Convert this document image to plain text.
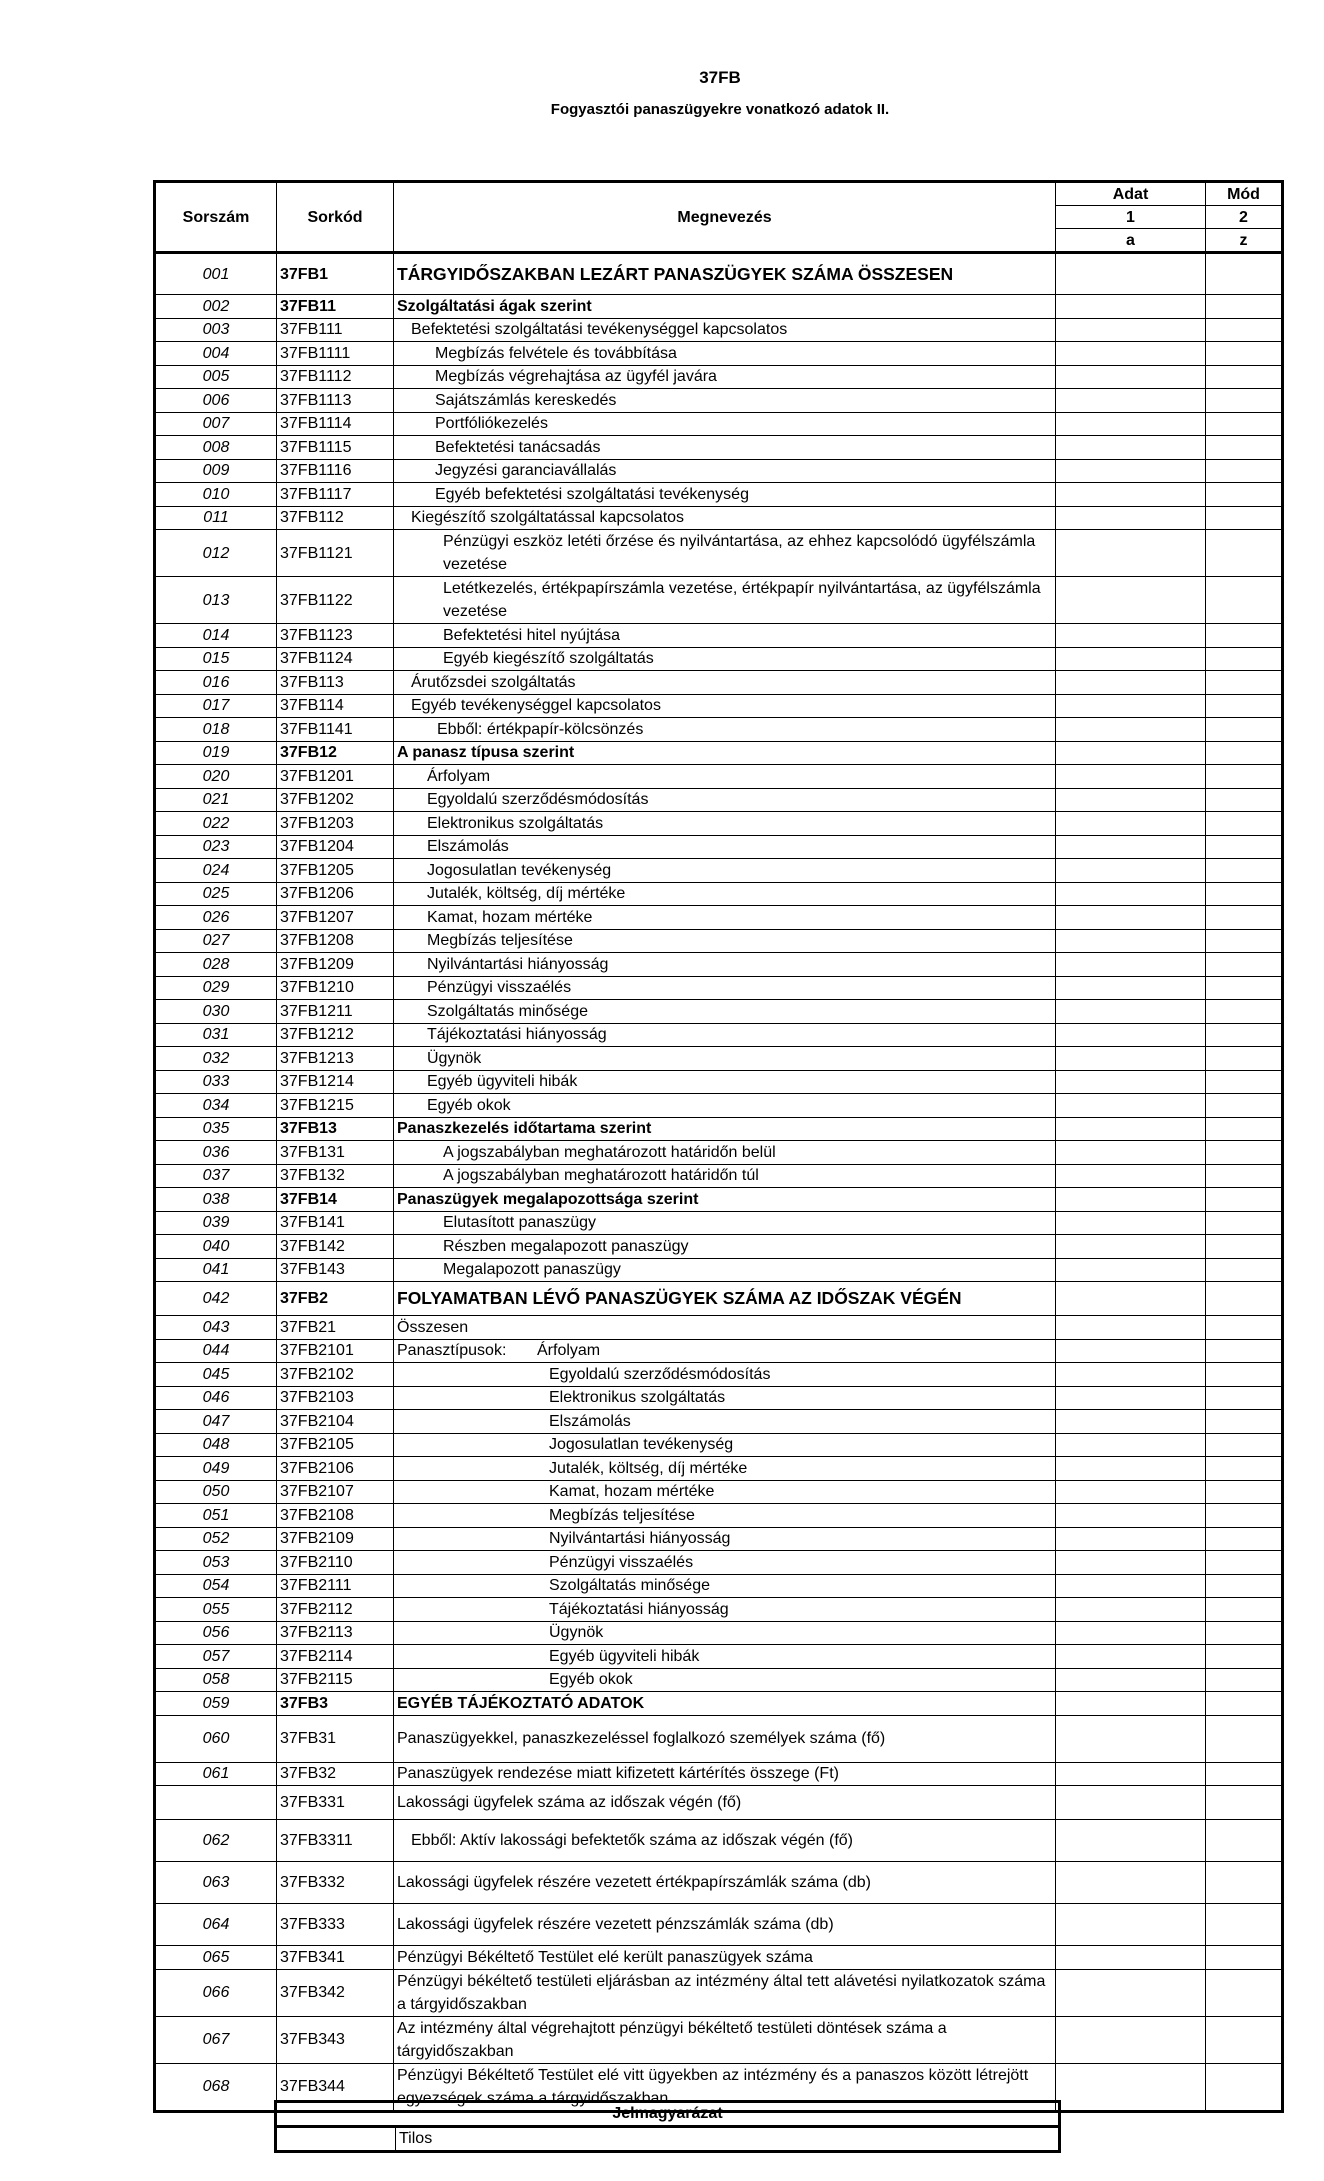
37FB
Fogyasztói panaszügyekre vonatkozó adatok II.
Sorszám	Sorkód	Megnevezés	Adat	Mód
			1	2
			a	z
001	37FB1	TÁRGYIDŐSZAKBAN LEZÁRT PANASZÜGYEK SZÁMA ÖSSZESEN		
002	37FB11	Szolgáltatási ágak szerint		
003	37FB111	Befektetési szolgáltatási tevékenységgel kapcsolatos		
004	37FB1111	Megbízás felvétele és továbbítása		
005	37FB1112	Megbízás végrehajtása az ügyfél javára		
006	37FB1113	Sajátszámlás kereskedés		
007	37FB1114	Portfóliókezelés		
008	37FB1115	Befektetési tanácsadás		
009	37FB1116	Jegyzési garanciavállalás		
010	37FB1117	Egyéb befektetési szolgáltatási tevékenység		
011	37FB112	Kiegészítő szolgáltatással kapcsolatos		
012	37FB1121	Pénzügyi eszköz letéti őrzése és nyilvántartása, az ehhez kapcsolódó ügyfélszámla vezetése		
013	37FB1122	Letétkezelés, értékpapírszámla vezetése, értékpapír nyilvántartása, az ügyfélszámla vezetése		
014	37FB1123	Befektetési hitel nyújtása		
015	37FB1124	Egyéb kiegészítő szolgáltatás		
016	37FB113	Árutőzsdei szolgáltatás		
017	37FB114	Egyéb tevékenységgel kapcsolatos		
018	37FB1141	Ebből: értékpapír-kölcsönzés		
019	37FB12	A panasz típusa szerint		
020	37FB1201	Árfolyam		
021	37FB1202	Egyoldalú szerződésmódosítás		
022	37FB1203	Elektronikus szolgáltatás		
023	37FB1204	Elszámolás		
024	37FB1205	Jogosulatlan tevékenység		
025	37FB1206	Jutalék, költség, díj mértéke		
026	37FB1207	Kamat, hozam mértéke		
027	37FB1208	Megbízás teljesítése		
028	37FB1209	Nyilvántartási hiányosság		
029	37FB1210	Pénzügyi visszaélés		
030	37FB1211	Szolgáltatás minősége		
031	37FB1212	Tájékoztatási hiányosság		
032	37FB1213	Ügynök		
033	37FB1214	Egyéb ügyviteli hibák		
034	37FB1215	Egyéb okok		
035	37FB13	Panaszkezelés időtartama szerint		
036	37FB131	A jogszabályban meghatározott határidőn belül		
037	37FB132	A jogszabályban meghatározott határidőn túl		
038	37FB14	Panaszügyek megalapozottsága szerint		
039	37FB141	Elutasított panaszügy		
040	37FB142	Részben megalapozott panaszügy		
041	37FB143	Megalapozott panaszügy		
042	37FB2	FOLYAMATBAN LÉVŐ PANASZÜGYEK SZÁMA AZ IDŐSZAK VÉGÉN		
043	37FB21	Összesen		
044	37FB2101	Panasztípusok: Árfolyam		
045	37FB2102	Egyoldalú szerződésmódosítás		
046	37FB2103	Elektronikus szolgáltatás		
047	37FB2104	Elszámolás		
048	37FB2105	Jogosulatlan tevékenység		
049	37FB2106	Jutalék, költség, díj mértéke		
050	37FB2107	Kamat, hozam mértéke		
051	37FB2108	Megbízás teljesítése		
052	37FB2109	Nyilvántartási hiányosság		
053	37FB2110	Pénzügyi visszaélés		
054	37FB2111	Szolgáltatás minősége		
055	37FB2112	Tájékoztatási hiányosság		
056	37FB2113	Ügynök		
057	37FB2114	Egyéb ügyviteli hibák		
058	37FB2115	Egyéb okok		
059	37FB3	EGYÉB TÁJÉKOZTATÓ ADATOK		
060	37FB31	Panaszügyekkel, panaszkezeléssel foglalkozó személyek száma (fő)		
061	37FB32	Panaszügyek rendezése miatt kifizetett kártérítés összege (Ft)		
	37FB331	Lakossági ügyfelek száma az időszak végén (fő)		
062	37FB3311	Ebből: Aktív lakossági befektetők száma az időszak végén (fő)		
063	37FB332	Lakossági ügyfelek részére vezetett értékpapírszámlák száma (db)		
064	37FB333	Lakossági ügyfelek részére vezetett pénzszámlák száma (db)		
065	37FB341	Pénzügyi Békéltető Testület elé került panaszügyek száma		
066	37FB342	Pénzügyi békéltető testületi eljárásban az intézmény által tett alávetési nyilatkozatok száma a tárgyidőszakban		
067	37FB343	Az intézmény által végrehajtott pénzügyi békéltető testületi döntések száma a tárgyidőszakban		
068	37FB344	Pénzügyi Békéltető Testület elé vitt ügyekben az intézmény és a panaszos között létrejött egyezségek száma a tárgyidőszakban		
Jelmagyarázat
	Tilos
